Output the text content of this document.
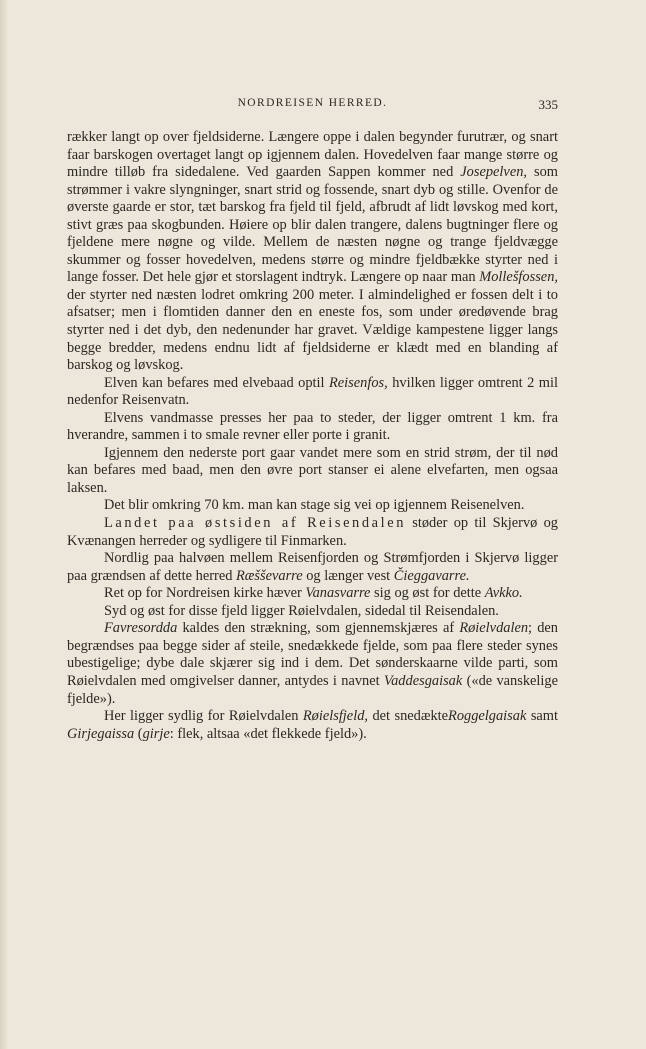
NORDREISEN HERRED.	335

rækker langt op over fjeldsiderne. Længere oppe i dalen begynder furutrær, og snart faar barskogen overtaget langt op igjennem dalen. Hovedelven faar mange større og mindre tilløb fra sidedalene. Ved gaarden Sappen kommer ned Josepelven, som strømmer i vakre slyngninger, snart strid og fossende, snart dyb og stille. Ovenfor de øverste gaarde er stor, tæt barskog fra fjeld til fjeld, afbrudt af lidt løvskog med kort, stivt græs paa skogbunden. Høiere op blir dalen trangere, dalens bugtninger flere og fjeldene mere nøgne og vilde. Mellem de næsten nøgne og trange fjeldvægge skummer og fosser hovedelven, medens større og mindre fjeldbække styrter ned i lange fosser. Det hele gjør et storslagent indtryk. Længere op naar man Mollešfossen, der styrter ned næsten lodret omkring 200 meter. I almindelighed er fossen delt i to afsatser; men i flomtiden danner den en eneste fos, som under øredøvende brag styrter ned i det dyb, den nedenunder har gravet. Vældige kampestene ligger langs begge bredder, medens endnu lidt af fjeldsiderne er klædt med en blanding af barskog og løvskog.

Elven kan befares med elvebaad optil Reisenfos, hvilken ligger omtrent 2 mil nedenfor Reisenvatn.

Elvens vandmasse presses her paa to steder, der ligger omtrent 1 km. fra hverandre, sammen i to smale revner eller porte i granit.

Igjennem den nederste port gaar vandet mere som en strid strøm, der til nød kan befares med baad, men den øvre port stanser ei alene elvefarten, men ogsaa laksen.

Det blir omkring 70 km. man kan stage sig vei op igjennem Reisenelven.

Landet paa østsiden af Reisendalen støder op til Skjervø og Kvænangen herreder og sydligere til Finmarken.

Nordlig paa halvøen mellem Reisenfjorden og Strømfjorden i Skjervø ligger paa grændsen af dette herred Ræšševarre og længer vest Čieggavarre.

Ret op for Nordreisen kirke hæver Vanasvarre sig og øst for dette Avkko.

Syd og øst for disse fjeld ligger Røielvdalen, sidedal til Reisendalen.

Favresordda kaldes den strækning, som gjennemskjæres af Røielvdalen; den begrændses paa begge sider af steile, snedækkede fjelde, som paa flere steder synes ubestigelige; dybe dale skjærer sig ind i dem. Det sønderskaarne vilde parti, som Røielvdalen med omgivelser danner, antydes i navnet Vaddesgaisak («de vanskelige fjelde»).

Her ligger sydlig for Røielvdalen Røielsfjeld, det snedækteRoggelgaisak samt Girjegaissa (girje: flek, altsaa «det flekkede fjeld»).
